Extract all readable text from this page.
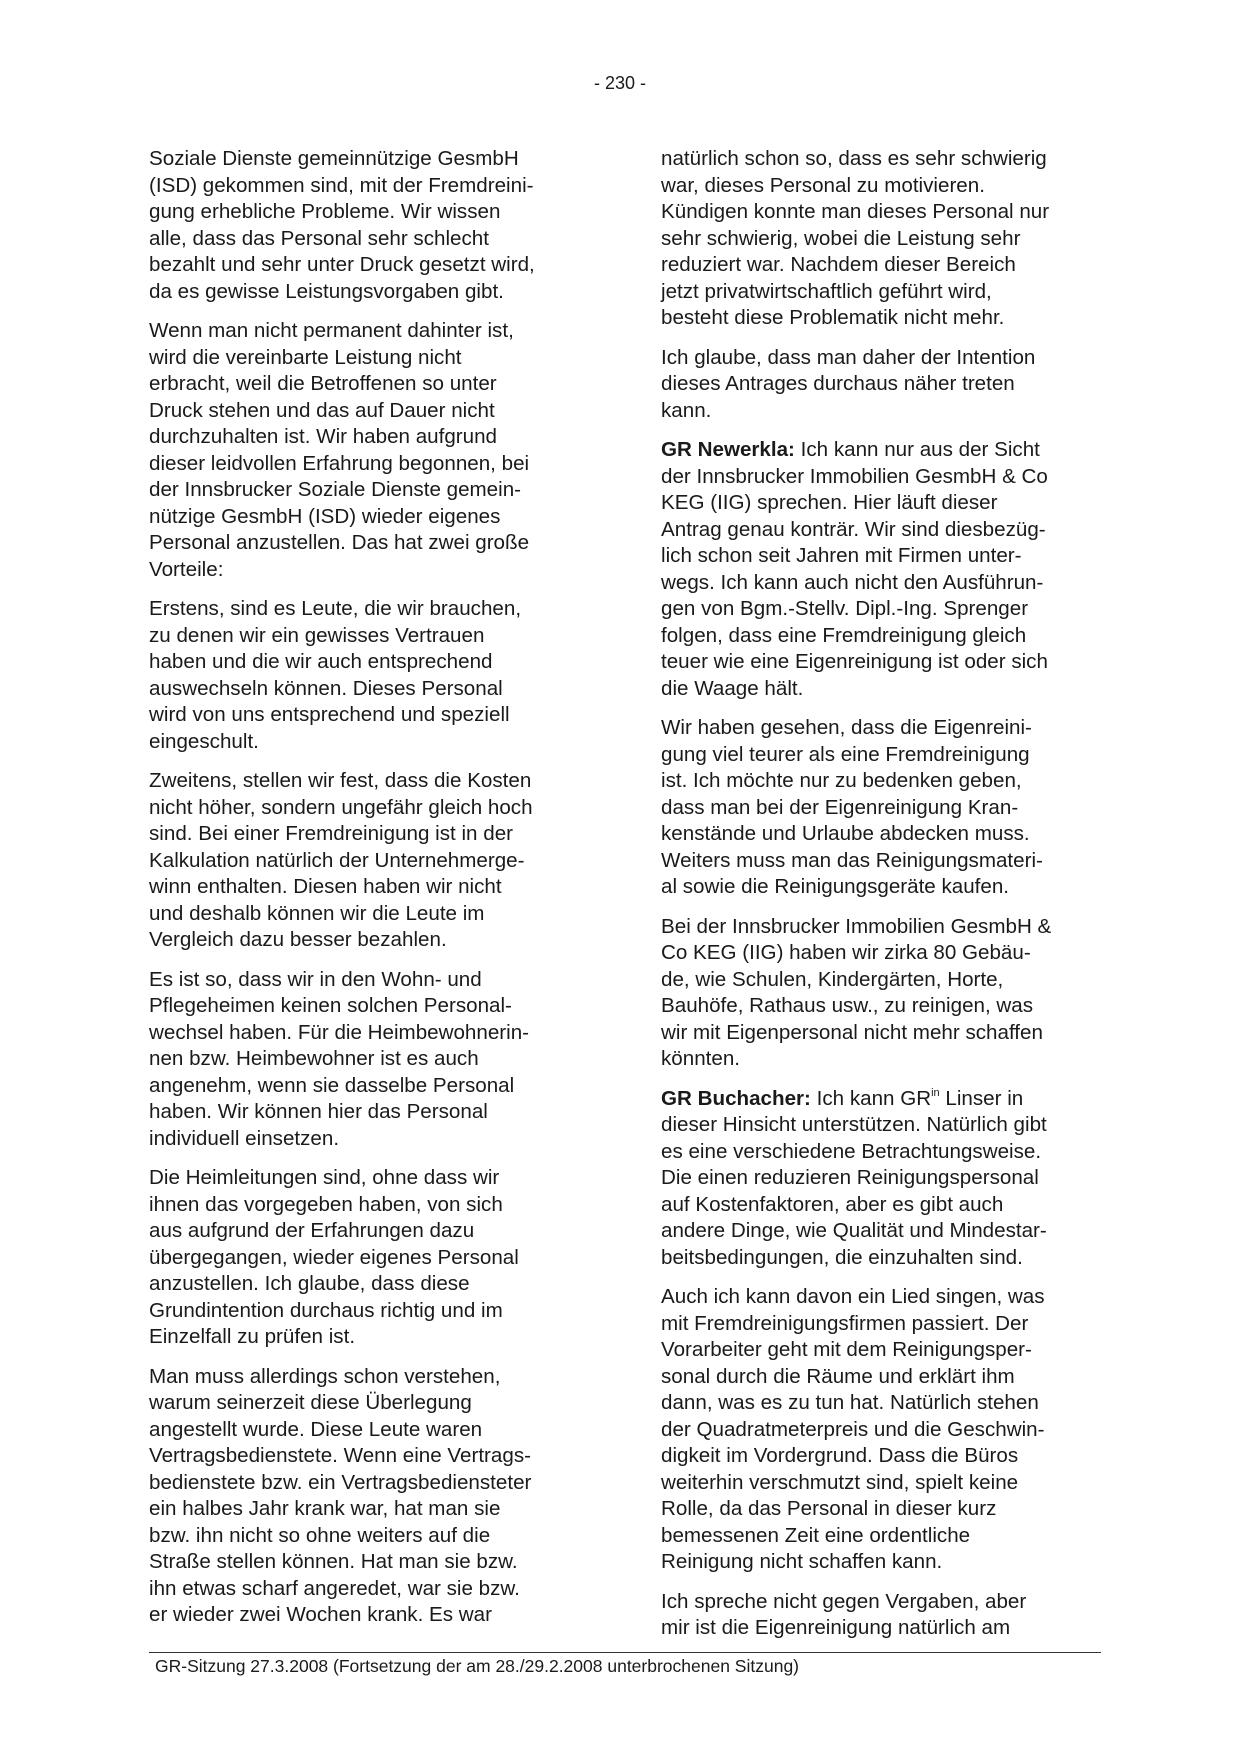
- 230 -

Soziale Dienste gemeinnützige GesmbH
(ISD) gekommen sind, mit der Fremdreini-
gung erhebliche Probleme. Wir wissen
alle, dass das Personal sehr schlecht
bezahlt und sehr unter Druck gesetzt wird,
da es gewisse Leistungsvorgaben gibt.

Wenn man nicht permanent dahinter ist,
wird die vereinbarte Leistung nicht
erbracht, weil die Betroffenen so unter
Druck stehen und das auf Dauer nicht
durchzuhalten ist. Wir haben aufgrund
dieser leidvollen Erfahrung begonnen, bei
der Innsbrucker Soziale Dienste gemein-
nützige GesmbH (ISD) wieder eigenes
Personal anzustellen. Das hat zwei große
Vorteile:

Erstens, sind es Leute, die wir brauchen,
zu denen wir ein gewisses Vertrauen
haben und die wir auch entsprechend
auswechseln können. Dieses Personal
wird von uns entsprechend und speziell
eingeschult.

Zweitens, stellen wir fest, dass die Kosten
nicht höher, sondern ungefähr gleich hoch
sind. Bei einer Fremdreinigung ist in der
Kalkulation natürlich der Unternehmerge-
winn enthalten. Diesen haben wir nicht
und deshalb können wir die Leute im
Vergleich dazu besser bezahlen.

Es ist so, dass wir in den Wohn- und
Pflegeheimen keinen solchen Personal-
wechsel haben. Für die Heimbewohnerin-
nen bzw. Heimbewohner ist es auch
angenehm, wenn sie dasselbe Personal
haben. Wir können hier das Personal
individuell einsetzen.

Die Heimleitungen sind, ohne dass wir
ihnen das vorgegeben haben, von sich
aus aufgrund der Erfahrungen dazu
übergegangen, wieder eigenes Personal
anzustellen. Ich glaube, dass diese
Grundintention durchaus richtig und im
Einzelfall zu prüfen ist.

Man muss allerdings schon verstehen,
warum seinerzeit diese Überlegung
angestellt wurde. Diese Leute waren
Vertragsbedienstete. Wenn eine Vertrags-
bedienstete bzw. ein Vertragsbediensteter
ein halbes Jahr krank war, hat man sie
bzw. ihn nicht so ohne weiters auf die
Straße stellen können. Hat man sie bzw.
ihn etwas scharf angeredet, war sie bzw.
er wieder zwei Wochen krank. Es war

natürlich schon so, dass es sehr schwierig
war, dieses Personal zu motivieren.
Kündigen konnte man dieses Personal nur
sehr schwierig, wobei die Leistung sehr
reduziert war. Nachdem dieser Bereich
jetzt privatwirtschaftlich geführt wird,
besteht diese Problematik nicht mehr.

Ich glaube, dass man daher der Intention
dieses Antrages durchaus näher treten
kann.

GR Newerkla: Ich kann nur aus der Sicht
der Innsbrucker Immobilien GesmbH & Co
KEG (IIG) sprechen. Hier läuft dieser
Antrag genau konträr. Wir sind diesbezüg-
lich schon seit Jahren mit Firmen unter-
wegs. Ich kann auch nicht den Ausführun-
gen von Bgm.-Stellv. Dipl.-Ing. Sprenger
folgen, dass eine Fremdreinigung gleich
teuer wie eine Eigenreinigung ist oder sich
die Waage hält.

Wir haben gesehen, dass die Eigenreini-
gung viel teurer als eine Fremdreinigung
ist. Ich möchte nur zu bedenken geben,
dass man bei der Eigenreinigung Kran-
kenstände und Urlaube abdecken muss.
Weiters muss man das Reinigungsmateri-
al sowie die Reinigungsgeräte kaufen.

Bei der Innsbrucker Immobilien GesmbH &
Co KEG (IIG) haben wir zirka 80 Gebäu-
de, wie Schulen, Kindergärten, Horte,
Bauhöfe, Rathaus usw., zu reinigen, was
wir mit Eigenpersonal nicht mehr schaffen
könnten.

GR Buchacher: Ich kann $GR^{in}$ Linser in
dieser Hinsicht unterstützen. Natürlich gibt
es eine verschiedene Betrachtungsweise.
Die einen reduzieren Reinigungspersonal
auf Kostenfaktoren, aber es gibt auch
andere Dinge, wie Qualität und Mindestar-
beitsbedingungen, die einzuhalten sind.

Auch ich kann davon ein Lied singen, was
mit Fremdreinigungsfirmen passiert. Der
Vorarbeiter geht mit dem Reinigungsper-
sonal durch die Räume und erklärt ihm
dann, was es zu tun hat. Natürlich stehen
der Quadratmeterpreis und die Geschwin-
digkeit im Vordergrund. Dass die Büros
weiterhin verschmutzt sind, spielt keine
Rolle, da das Personal in dieser kurz
bemessenen Zeit eine ordentliche
Reinigung nicht schaffen kann.

Ich spreche nicht gegen Vergaben, aber
mir ist die Eigenreinigung natürlich am

GR-Sitzung 27.3.2008 (Fortsetzung der am 28./29.2.2008 unterbrochenen Sitzung)
